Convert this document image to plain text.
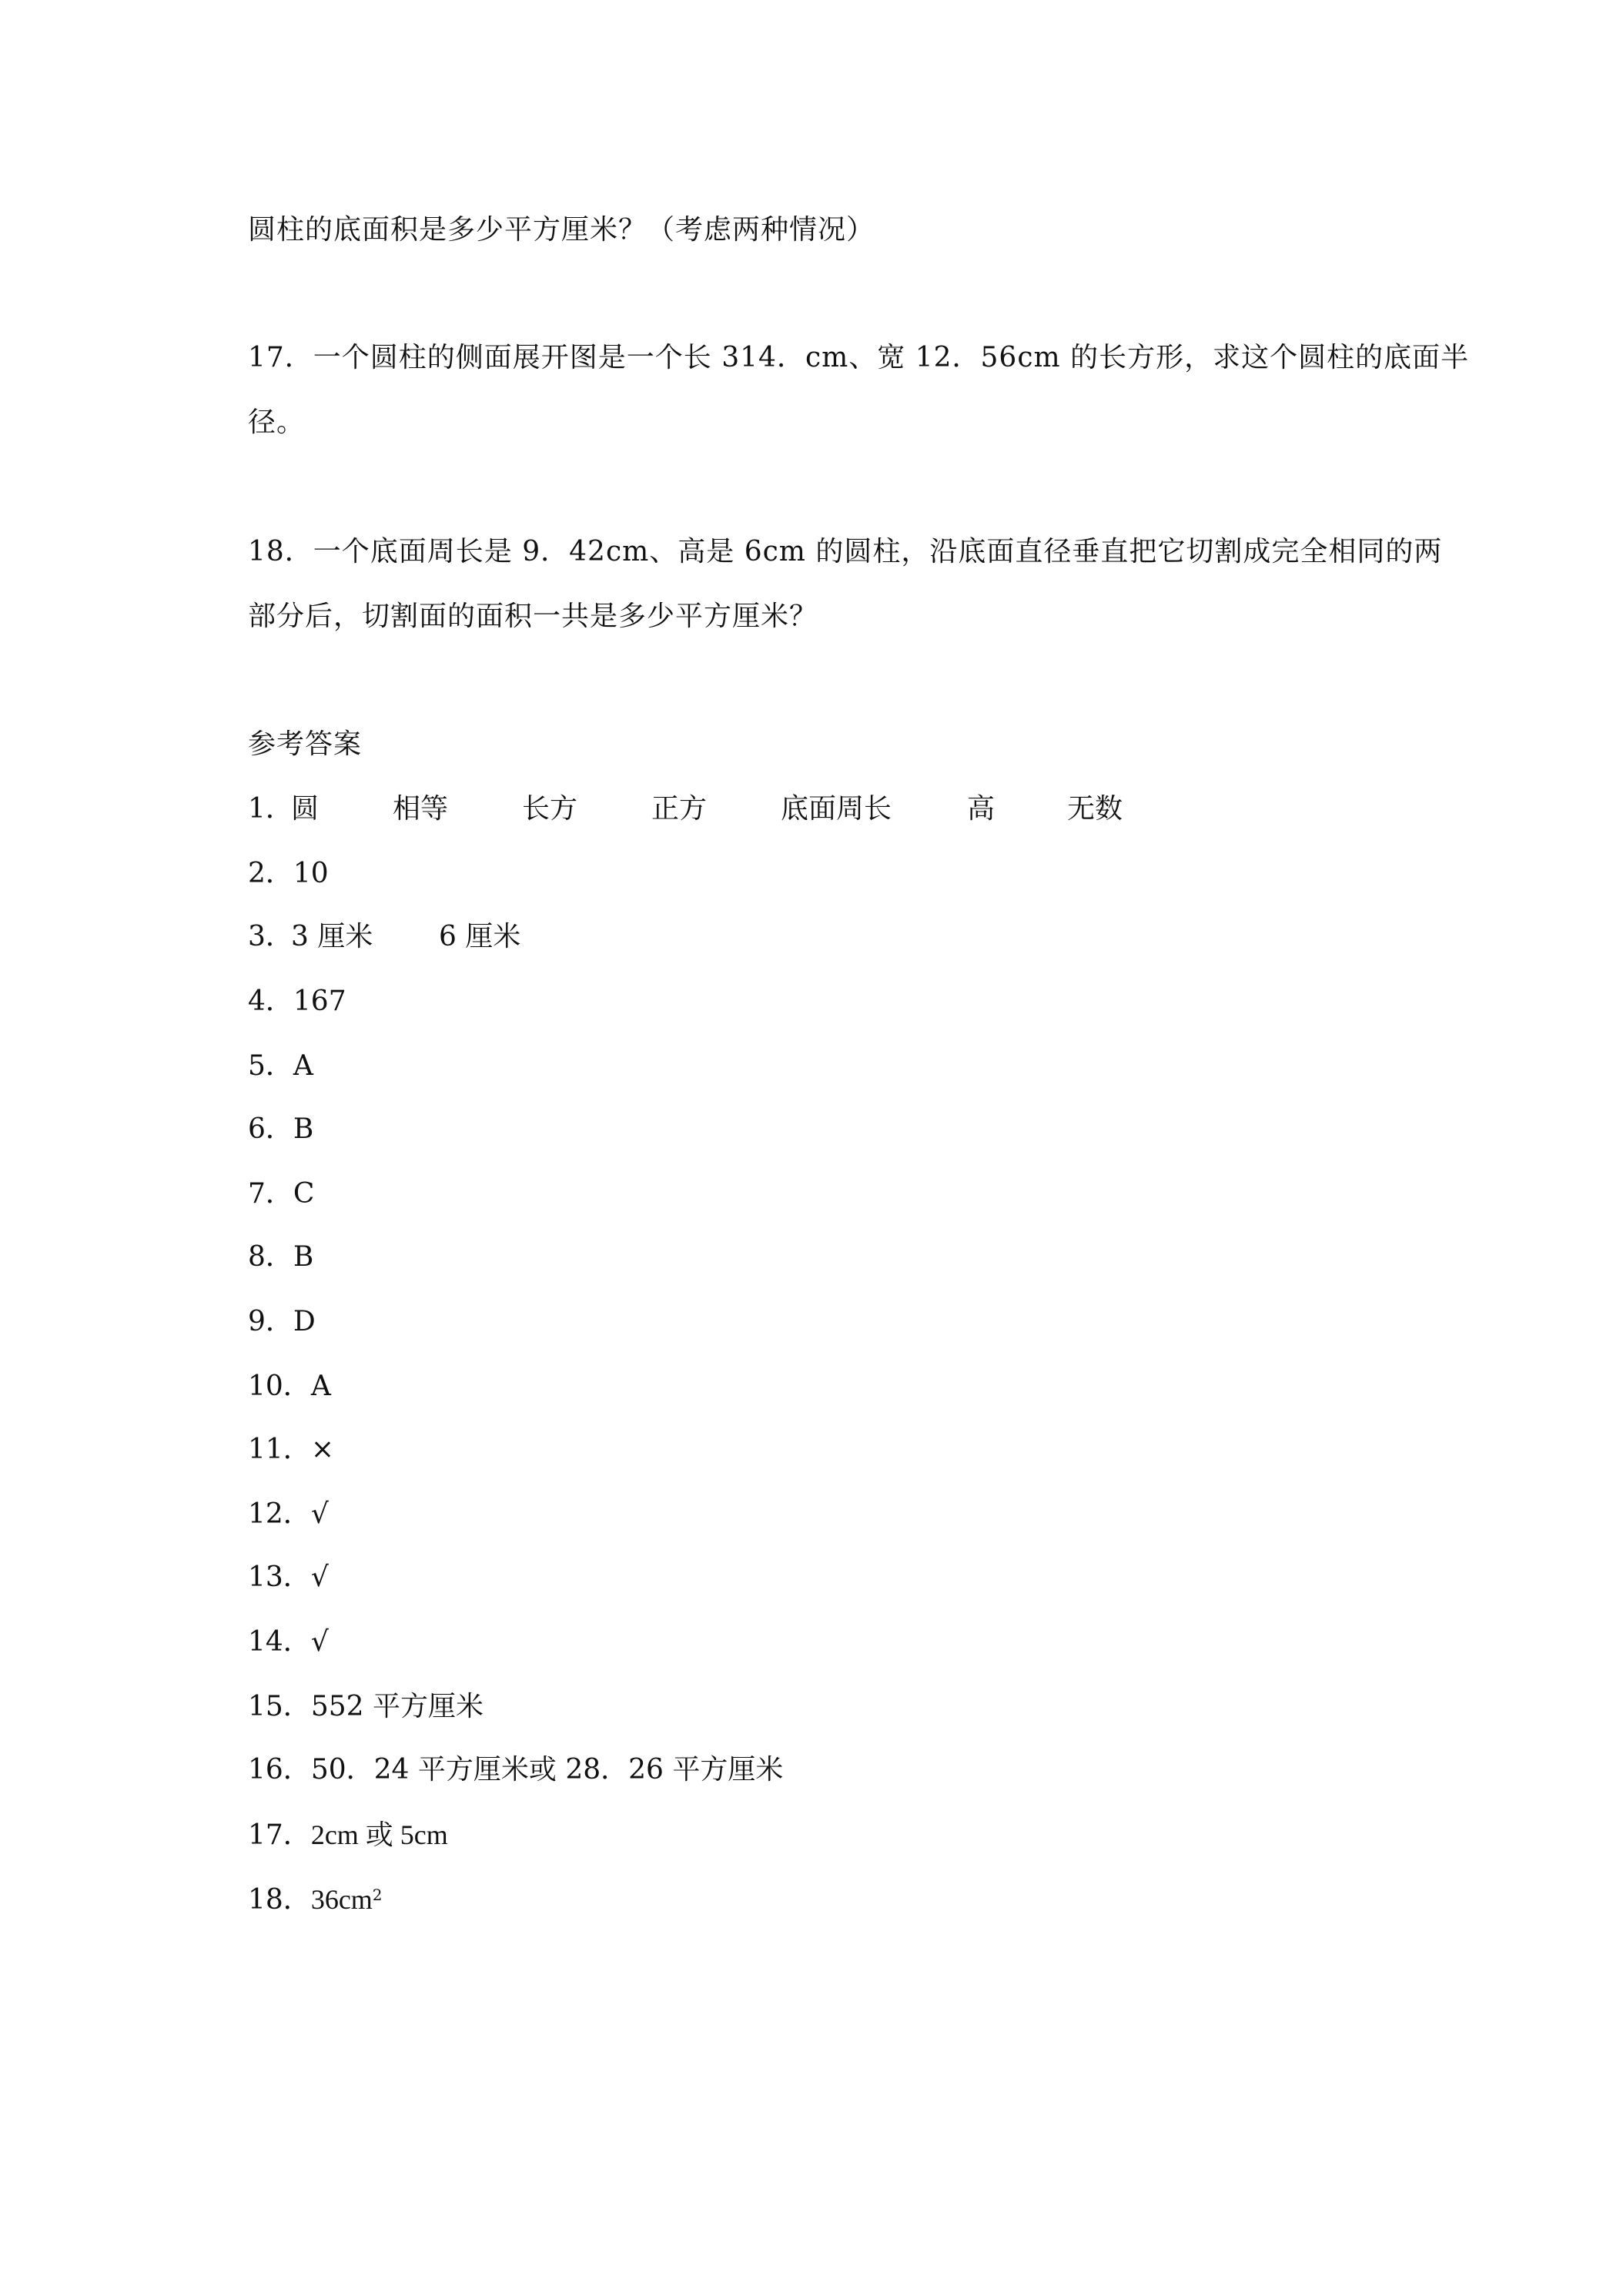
圆柱的底面积是多少平方厘米？（考虑两种情况）
17．一个圆柱的侧面展开图是一个长 314．cm、宽 12．56cm 的长方形，求这个圆柱的底面半
径。
18．一个底面周长是 9．42cm、高是 6cm 的圆柱，沿底面直径垂直把它切割成完全相同的两
部分后，切割面的面积一共是多少平方厘米？
参考答案
1．
圆	相等	长方	正方	底面周长	高	无数
2．10
3．
3 厘米 6 厘米
4．167
5．A
6．B
7．C
8．B
9．D
10．A
11．×
12．√
13．√
14．√
15．552 平方厘米
16．50．24 平方厘米或 28．26 平方厘米
17．2cm 或 5cm
18．$36cm^2$
